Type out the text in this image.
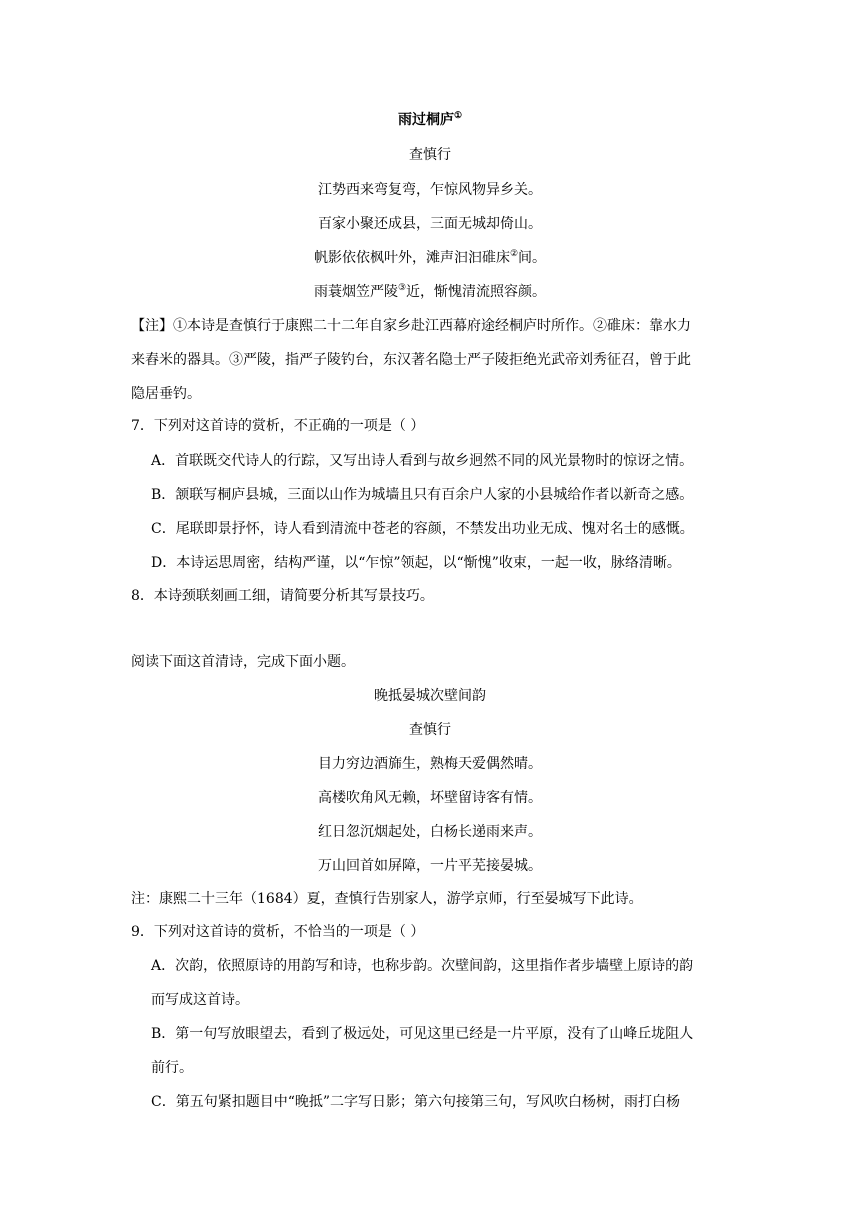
雨过桐庐①
查慎行
江势西来弯复弯，乍惊风物异乡关。
百家小聚还成县，三面无城却倚山。
帆影依依枫叶外，滩声汩汩碓床②间。
雨蓑烟笠严陵③近，惭愧清流照容颜。
【注】①本诗是查慎行于康熙二十二年自家乡赴江西幕府途经桐庐时所作。②碓床：靠水力
来舂米的器具。③严陵，指严子陵钓台，东汉著名隐士严子陵拒绝光武帝刘秀征召，曾于此
隐居垂钓。
7．下列对这首诗的赏析，不正确的一项是（ ）
A．首联既交代诗人的行踪，又写出诗人看到与故乡迥然不同的风光景物时的惊讶之情。
B．颔联写桐庐县城，三面以山作为城墙且只有百余户人家的小县城给作者以新奇之感。
C．尾联即景抒怀，诗人看到清流中苍老的容颜，不禁发出功业无成、愧对名士的感慨。
D．本诗运思周密，结构严谨，以“乍惊”领起，以“惭愧”收束，一起一收，脉络清晰。
8．本诗颈联刻画工细，请简要分析其写景技巧。
阅读下面这首清诗，完成下面小题。
晚抵晏城次壁间韵
查慎行
目力穷边酒旆生，熟梅天爱偶然晴。
高楼吹角风无赖，坏壁留诗客有情。
红日忽沉烟起处，白杨长递雨来声。
万山回首如屏障，一片平芜接晏城。
注：康熙二十三年（1684）夏，查慎行告别家人，游学京师，行至晏城写下此诗。
9．下列对这首诗的赏析，不恰当的一项是（ ）
A．次韵，依照原诗的用韵写和诗，也称步韵。次壁间韵，这里指作者步墙壁上原诗的韵
而写成这首诗。
B．第一句写放眼望去，看到了极远处，可见这里已经是一片平原，没有了山峰丘垅阻人
前行。
C．第五句紧扣题目中“晚抵”二字写日影；第六句接第三句，写风吹白杨树，雨打白杨
